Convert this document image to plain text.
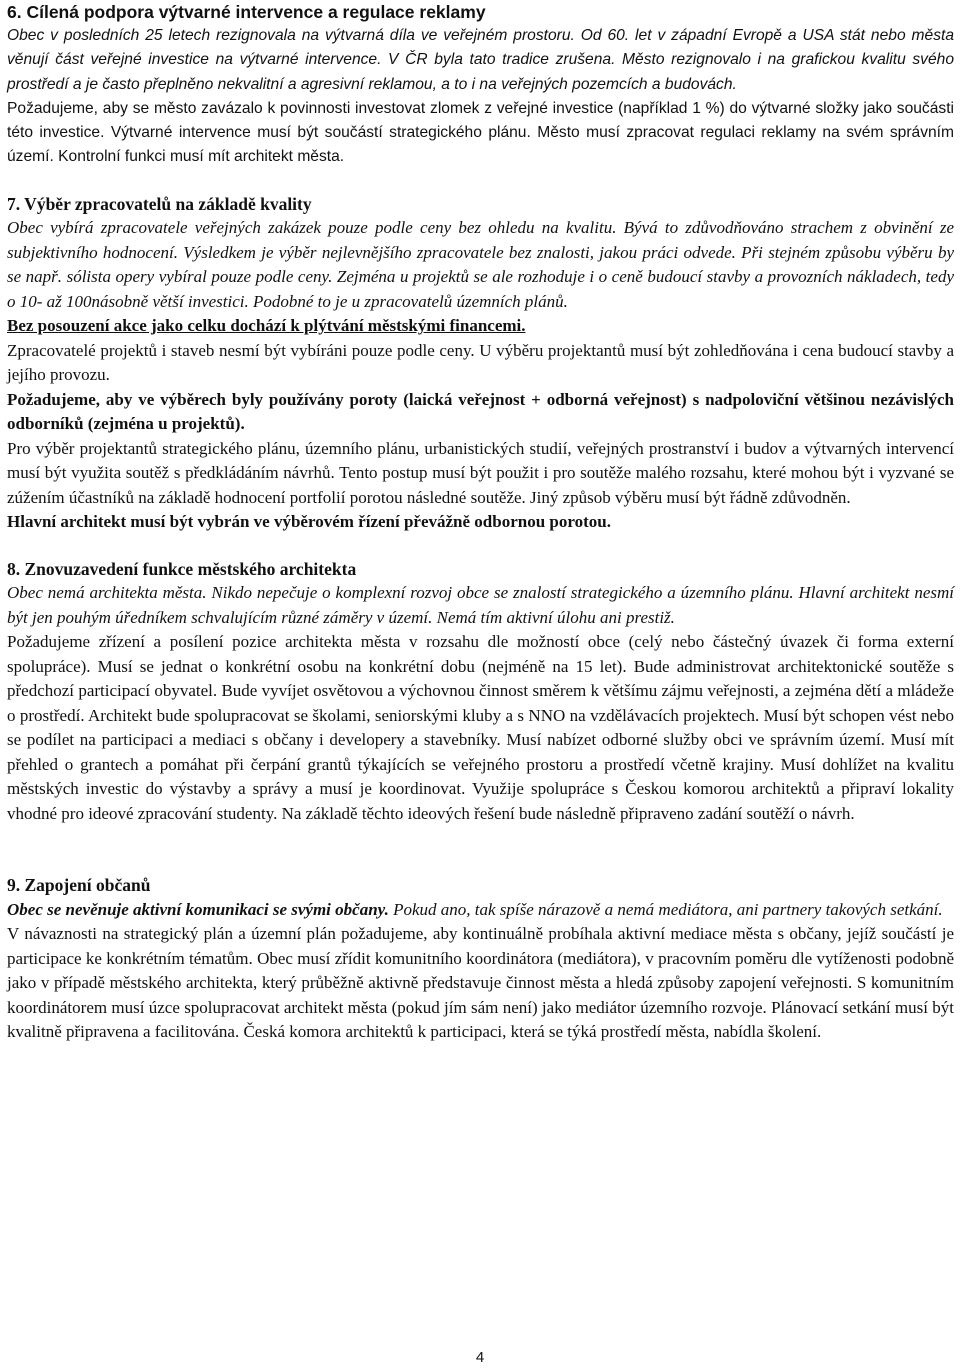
6. Cílená podpora výtvarné intervence a regulace reklamy

Obec v posledních 25 letech rezignovala na výtvarná díla ve veřejném prostoru. Od 60. let v západní Evropě a USA stát nebo města věnují část veřejné investice na výtvarné intervence. V ČR byla tato tradice zrušena. Město rezignovalo i na grafickou kvalitu svého prostředí a je často přeplněno nekvalitní a agresivní reklamou, a to i na veřejných pozemcích a budovách.

Požadujeme, aby se město zavázalo k povinnosti investovat zlomek z veřejné investice (například 1 %) do výtvarné složky jako součásti této investice. Výtvarné intervence musí být součástí strategického plánu. Město musí zpracovat regulaci reklamy na svém správním území. Kontrolní funkci musí mít architekt města.

7. Výběr zpracovatelů na základě kvality

Obec vybírá zpracovatele veřejných zakázek pouze podle ceny bez ohledu na kvalitu. Bývá to zdůvodňováno strachem z obvinění ze subjektivního hodnocení. Výsledkem je výběr nejlevnějšího zpracovatele bez znalosti, jakou práci odvede. Při stejném způsobu výběru by se např. sólista opery vybíral pouze podle ceny. Zejména u projektů se ale rozhoduje i o ceně budoucí stavby a provozních nákladech, tedy o 10- až 100násobně větší investici. Podobné to je u zpracovatelů územních plánů.

Bez posouzení akce jako celku dochází k plýtvání městskými financemi.

Zpracovatelé projektů i staveb nesmí být vybíráni pouze podle ceny. U výběru projektantů musí být zohledňována i cena budoucí stavby a jejího provozu.

Požadujeme, aby ve výběrech byly používány poroty (laická veřejnost + odborná veřejnost) s nadpoloviční většinou nezávislých odborníků (zejména u projektů).

Pro výběr projektantů strategického plánu, územního plánu, urbanistických studií, veřejných prostranství i budov a výtvarných intervencí musí být využita soutěž s předkládáním návrhů. Tento postup musí být použit i pro soutěže malého rozsahu, které mohou být i vyzvané se zúžením účastníků na základě hodnocení portfolií porotou následné soutěže. Jiný způsob výběru musí být řádně zdůvodněn.

Hlavní architekt musí být vybrán ve výběrovém řízení převážně odbornou porotou.

8. Znovuzavedení funkce městského architekta

Obec nemá architekta města. Nikdo nepečuje o komplexní rozvoj obce se znalostí strategického a územního plánu. Hlavní architekt nesmí být jen pouhým úředníkem schvalujícím různé záměry v území. Nemá tím aktivní úlohu ani prestiž.

Požadujeme zřízení a posílení pozice architekta města v rozsahu dle možností obce (celý nebo částečný úvazek či forma externí spolupráce). Musí se jednat o konkrétní osobu na konkrétní dobu (nejméně na 15 let). Bude administrovat architektonické soutěže s předchozí participací obyvatel. Bude vyvíjet osvětovou a výchovnou činnost směrem k většímu zájmu veřejnosti, a zejména dětí a mládeže o prostředí. Architekt bude spolupracovat se školami, seniorskými kluby a s NNO na vzdělávacích projektech. Musí být schopen vést nebo se podílet na participaci a mediaci s občany i developery a stavebníky. Musí nabízet odborné služby obci ve správním území. Musí mít přehled o grantech a pomáhat při čerpání grantů týkajících se veřejného prostoru a prostředí včetně krajiny. Musí dohlížet na kvalitu městských investic do výstavby a správy a musí je koordinovat. Využije spolupráce s Českou komorou architektů a připraví lokality vhodné pro ideové zpracování studenty. Na základě těchto ideových řešení bude následně připraveno zadání soutěží o návrh.

9. Zapojení občanů

Obec se nevěnuje aktivní komunikaci se svými občany. Pokud ano, tak spíše nárazově a nemá mediátora, ani partnery takových setkání.

V návaznosti na strategický plán a územní plán požadujeme, aby kontinuálně probíhala aktivní mediace města s občany, jejíž součástí je participace ke konkrétním tématům. Obec musí zřídit komunitního koordinátora (mediátora), v pracovním poměru dle vytíženosti podobně jako v případě městského architekta, který průběžně aktivně představuje činnost města a hledá způsoby zapojení veřejnosti. S komunitním koordinátorem musí úzce spolupracovat architekt města (pokud jím sám není) jako mediátor územního rozvoje. Plánovací setkání musí být kvalitně připravena a facilitována. Česká komora architektů k participaci, která se týká prostředí města, nabídla školení.

4
